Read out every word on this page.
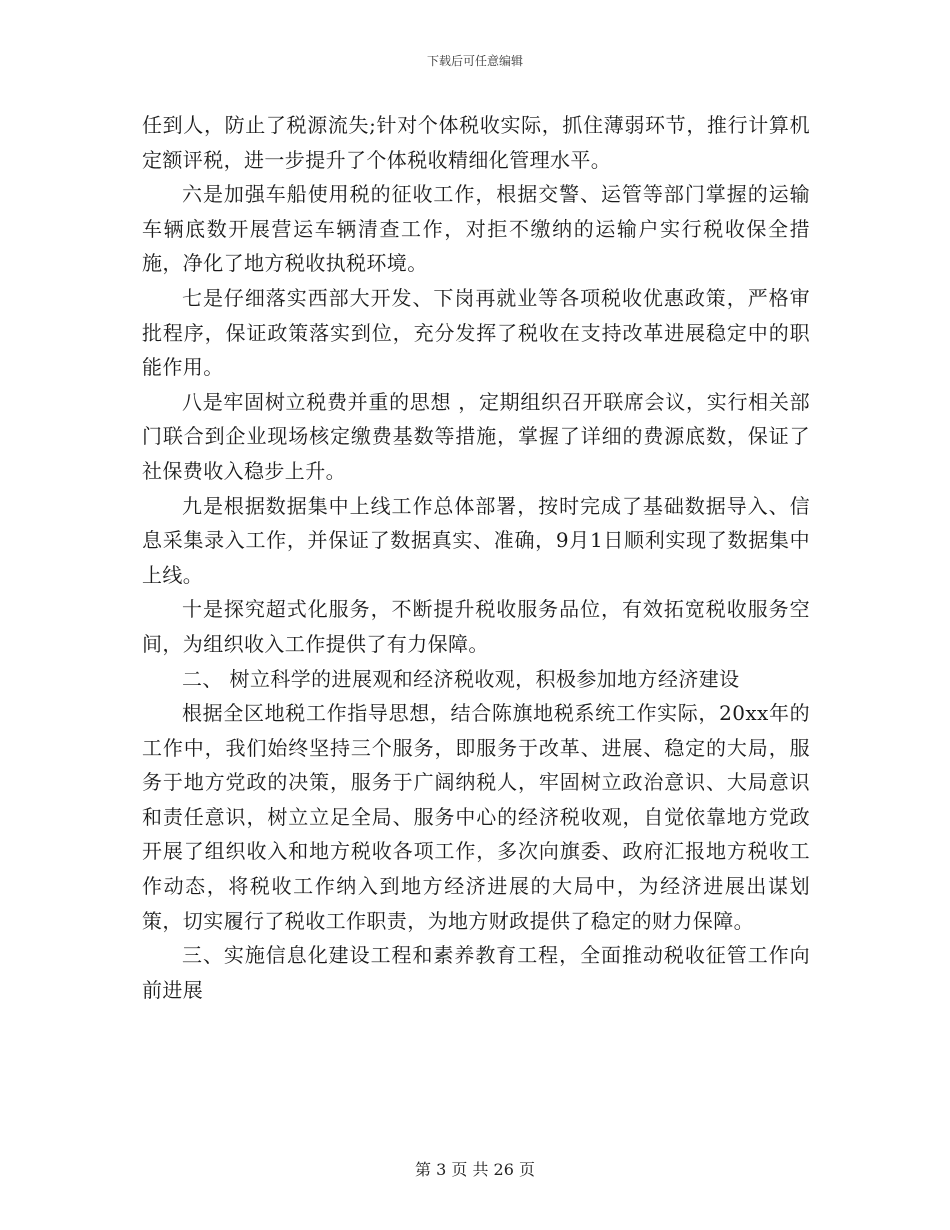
下载后可任意编辑

任到人，防止了税源流失;针对个体税收实际，抓住薄弱环节，推行计算机定额评税，进一步提升了个体税收精细化管理水平。

六是加强车船使用税的征收工作，根据交警、运管等部门掌握的运输车辆底数开展营运车辆清查工作，对拒不缴纳的运输户实行税收保全措施，净化了地方税收执税环境。

七是仔细落实西部大开发、下岗再就业等各项税收优惠政策，严格审批程序，保证政策落实到位，充分发挥了税收在支持改革进展稳定中的职能作用。

八是牢固树立税费并重的思想 ，定期组织召开联席会议，实行相关部门联合到企业现场核定缴费基数等措施，掌握了详细的费源底数，保证了社保费收入稳步上升。

九是根据数据集中上线工作总体部署，按时完成了基础数据导入、信息采集录入工作，并保证了数据真实、准确，9月1日顺利实现了数据集中上线。

十是探究超式化服务，不断提升税收服务品位，有效拓宽税收服务空间，为组织收入工作提供了有力保障。

二、 树立科学的进展观和经济税收观，积极参加地方经济建设

根据全区地税工作指导思想，结合陈旗地税系统工作实际，20xx年的工作中，我们始终坚持三个服务，即服务于改革、进展、稳定的大局，服务于地方党政的决策，服务于广阔纳税人，牢固树立政治意识、大局意识和责任意识，树立立足全局、服务中心的经济税收观，自觉依靠地方党政开展了组织收入和地方税收各项工作，多次向旗委、政府汇报地方税收工作动态，将税收工作纳入到地方经济进展的大局中，为经济进展出谋划策，切实履行了税收工作职责，为地方财政提供了稳定的财力保障。

三、实施信息化建设工程和素养教育工程，全面推动税收征管工作向前进展

第 3 页 共 26 页
